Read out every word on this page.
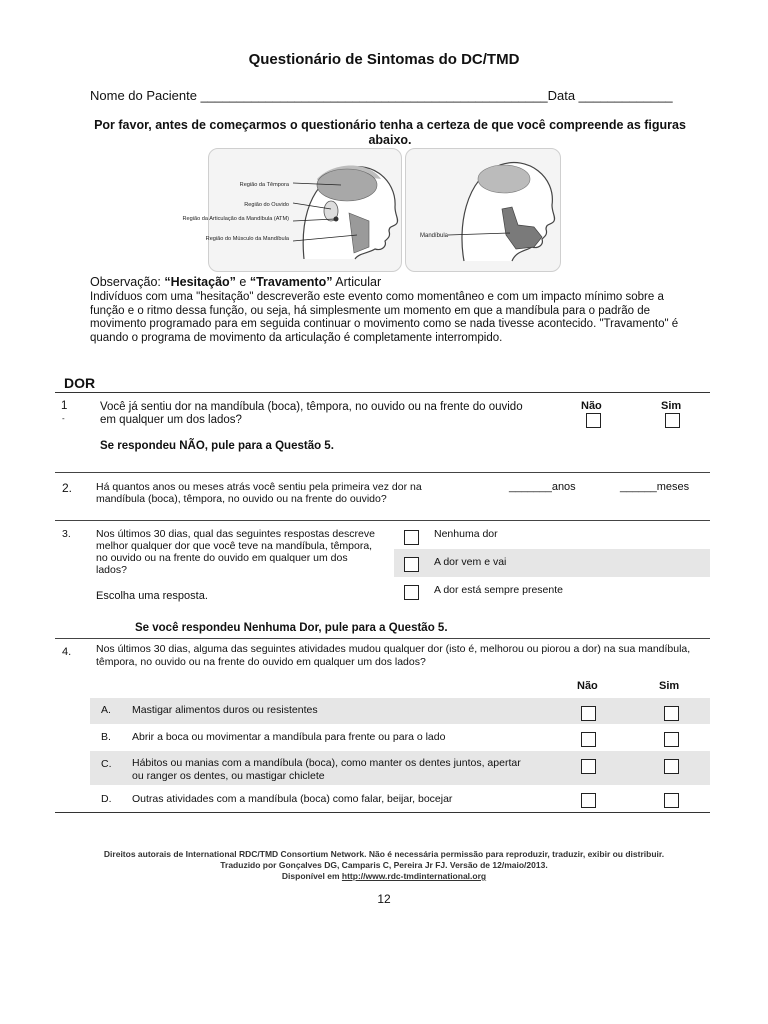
Questionário de Sintomas do DC/TMD
Nome do Paciente ________________________________________________Data _____________
Por favor, antes de começarmos o questionário tenha a certeza de que você compreende as figuras abaixo.
Região da Têmpora
Região do Ouvido
Região da Articulação da Mandíbula (ATM)
Região do Músculo da Mandíbula	Mandíbula
Observação: “Hesitação” e “Travamento” Articular
Indivíduos com uma "hesitação" descreverão este evento como momentâneo e com um impacto mínimo sobre a função e o ritmo dessa função, ou seja, há simplesmente um momento em que a mandíbula para o padrão de movimento programado para em seguida continuar o movimento como se nada tivesse acontecido. "Travamento" é quando o programa de movimento da articulação é completamente interrompido.
DOR
1
-
Você já sentiu dor na mandíbula (boca), têmpora, no ouvido ou na frente do ouvido em qualquer um dos lados?
Não	Sim
Se respondeu NÃO, pule para a Questão 5.
2. Há quantos anos ou meses atrás você sentiu pela primeira vez dor na mandíbula (boca), têmpora, no ouvido ou na frente do ouvido?
_______anos	______meses
3. Nos últimos 30 dias, qual das seguintes respostas descreve melhor qualquer dor que você teve na mandíbula, têmpora, no ouvido ou na frente do ouvido em qualquer um dos lados?
Escolha uma resposta.
Nenhuma dor
A dor vem e vai
A dor está sempre presente
Se você respondeu Nenhuma Dor, pule para a Questão 5.
4. Nos últimos 30 dias, alguma das seguintes atividades mudou qualquer dor (isto é, melhorou ou piorou a dor) na sua mandíbula, têmpora, no ouvido ou na frente do ouvido em qualquer um dos lados?
Não	Sim
A. Mastigar alimentos duros ou resistentes
B. Abrir a boca ou movimentar a mandíbula para frente ou para o lado
C. Hábitos ou manias com a mandíbula (boca), como manter os dentes juntos, apertar ou ranger os dentes, ou mastigar chiclete
D. Outras atividades com a mandíbula (boca) como falar, beijar, bocejar
Direitos autorais de International RDC/TMD Consortium Network. Não é necessária permissão para reproduzir, traduzir, exibir ou distribuir.
Traduzido por Gonçalves DG, Camparis C, Pereira Jr FJ. Versão de 12/maio/2013.
Disponível em http://www.rdc-tmdinternational.org
12
